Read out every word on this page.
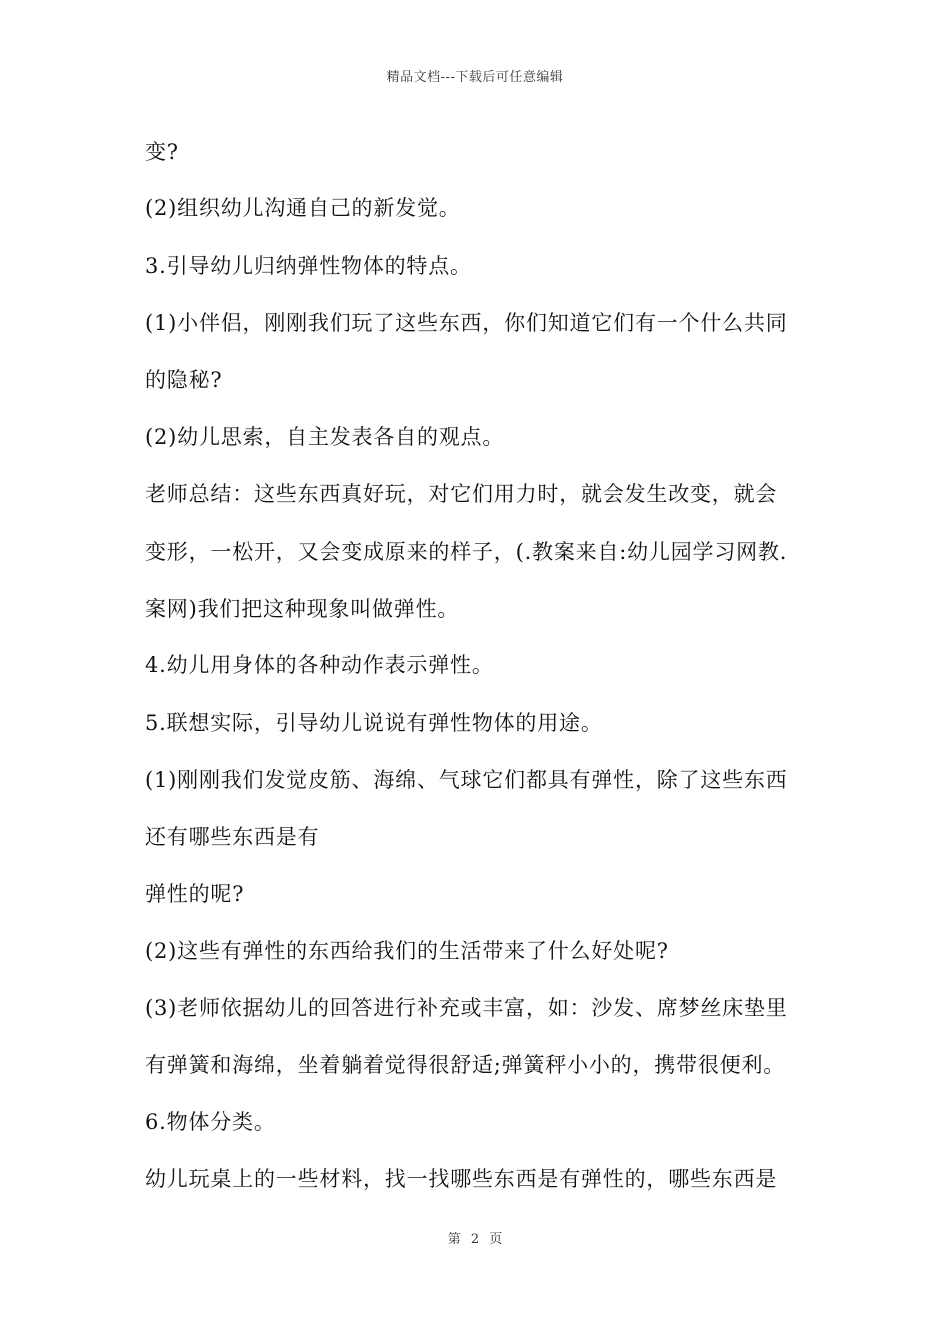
精品文档---下载后可任意编辑
变?
(2)组织幼儿沟通自己的新发觉。
3.引导幼儿归纳弹性物体的特点。
(1)小伴侣，刚刚我们玩了这些东西，你们知道它们有一个什么共同
的隐秘?
(2)幼儿思索，自主发表各自的观点。
老师总结：这些东西真好玩，对它们用力时，就会发生改变，就会
变形，一松开，又会变成原来的样子，(.教案来自:幼儿园学习网教.
案网)我们把这种现象叫做弹性。
4.幼儿用身体的各种动作表示弹性。
5.联想实际，引导幼儿说说有弹性物体的用途。
(1)刚刚我们发觉皮筋、海绵、气球它们都具有弹性，除了这些东西
还有哪些东西是有
弹性的呢?
(2)这些有弹性的东西给我们的生活带来了什么好处呢?
(3)老师依据幼儿的回答进行补充或丰富，如：沙发、席梦丝床垫里
有弹簧和海绵，坐着躺着觉得很舒适;弹簧秤小小的，携带很便利。
6.物体分类。
幼儿玩桌上的一些材料，找一找哪些东西是有弹性的，哪些东西是
第 2 页
